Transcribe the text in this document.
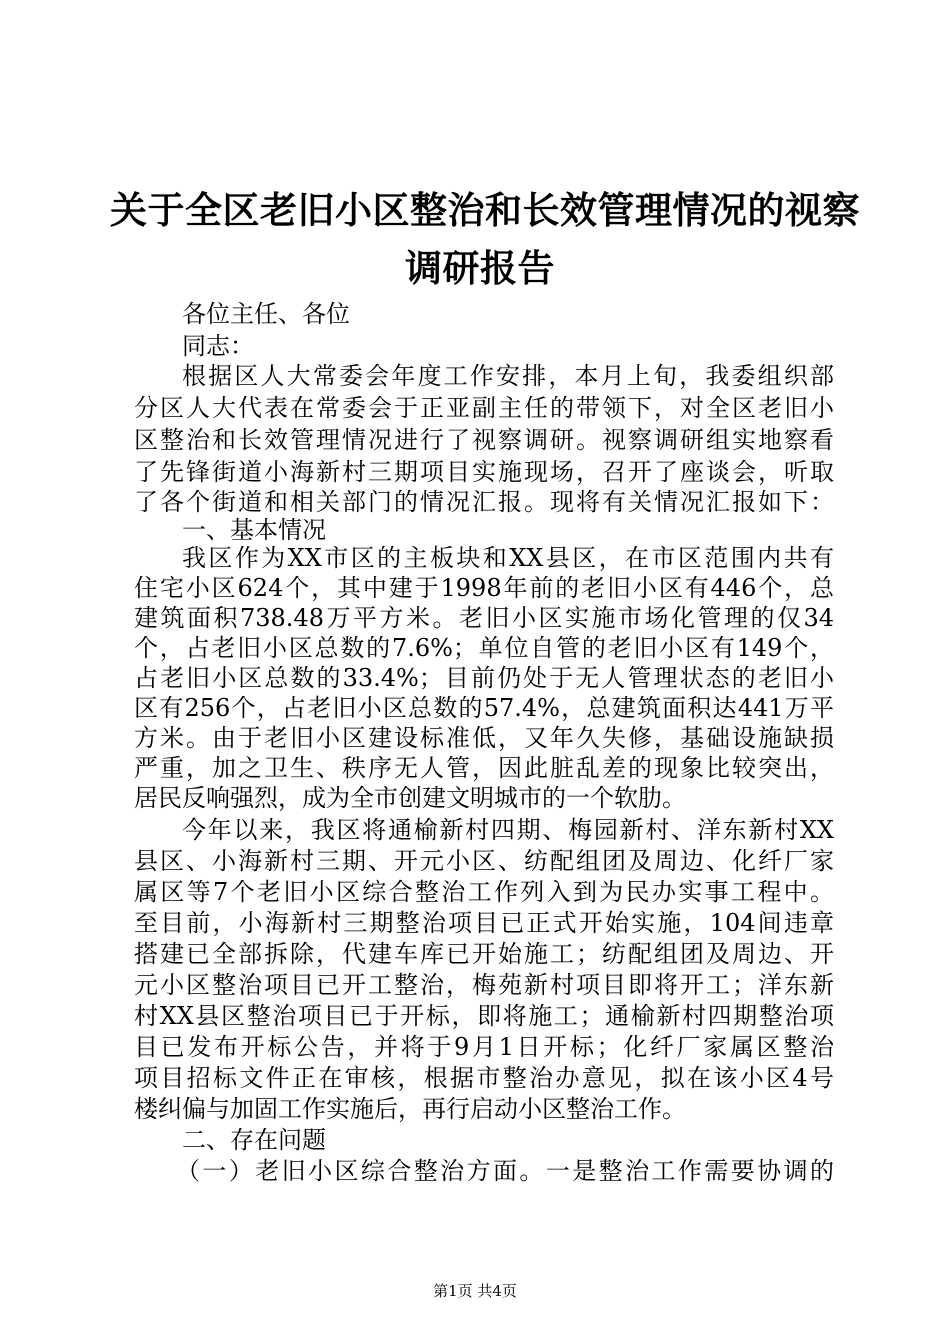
关于全区老旧小区整治和长效管理情况的视察
调研报告
各位主任、各位
同志：
根据区人大常委会年度工作安排，本月上旬，我委组织部
分区人大代表在常委会于正亚副主任的带领下，对全区老旧小
区整治和长效管理情况进行了视察调研。视察调研组实地察看
了先锋街道小海新村三期项目实施现场，召开了座谈会，听取
了各个街道和相关部门的情况汇报。现将有关情况汇报如下：
一、基本情况
我区作为XX市区的主板块和XX县区，在市区范围内共有
住宅小区624个，其中建于1998年前的老旧小区有446个，总
建筑面积738.48万平方米。老旧小区实施市场化管理的仅34
个，占老旧小区总数的7.6%；单位自管的老旧小区有149个，
占老旧小区总数的33.4%；目前仍处于无人管理状态的老旧小
区有256个，占老旧小区总数的57.4%，总建筑面积达441万平
方米。由于老旧小区建设标准低，又年久失修，基础设施缺损
严重，加之卫生、秩序无人管，因此脏乱差的现象比较突出，
居民反响强烈，成为全市创建文明城市的一个软肋。
今年以来，我区将通榆新村四期、梅园新村、洋东新村XX
县区、小海新村三期、开元小区、纺配组团及周边、化纤厂家
属区等7个老旧小区综合整治工作列入到为民办实事工程中。
至目前，小海新村三期整治项目已正式开始实施，104间违章
搭建已全部拆除，代建车库已开始施工；纺配组团及周边、开
元小区整治项目已开工整治，梅苑新村项目即将开工；洋东新
村XX县区整治项目已于开标，即将施工；通榆新村四期整治项
目已发布开标公告，并将于9月1日开标；化纤厂家属区整治
项目招标文件正在审核，根据市整治办意见，拟在该小区4号
楼纠偏与加固工作实施后，再行启动小区整治工作。
二、存在问题
（一）老旧小区综合整治方面。一是整治工作需要协调的
第1页 共4页
